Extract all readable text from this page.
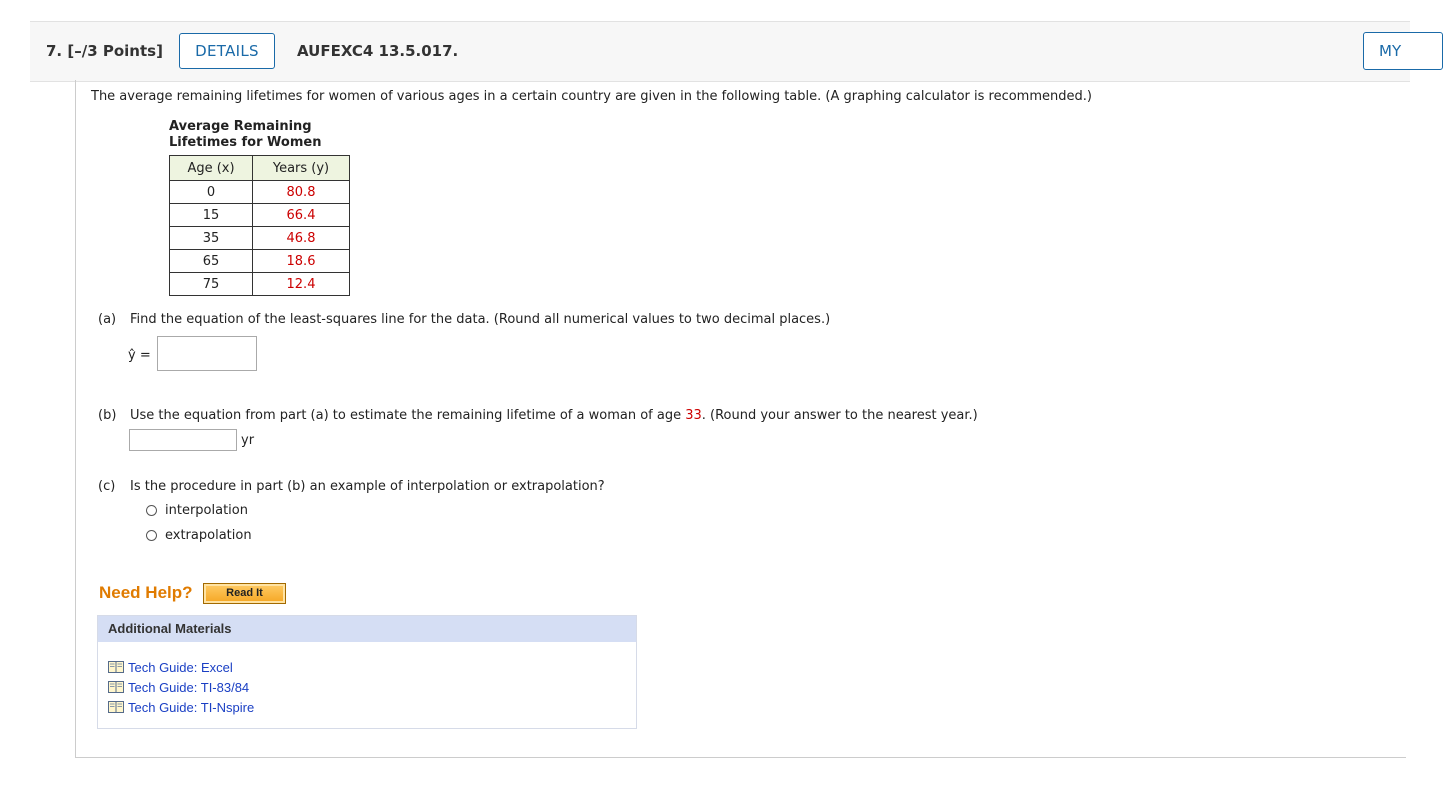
7. [–/3 Points]	DETAILS	AUFEXC4 13.5.017.	MY
The average remaining lifetimes for women of various ages in a certain country are given in the following table. (A graphing calculator is recommended.)
Average Remaining
Lifetimes for Women
Age (x)	Years (y)
0	80.8
15	66.4
35	46.8
65	18.6
75	12.4
(a) Find the equation of the least-squares line for the data. (Round all numerical values to two decimal places.)
ŷ =
(b) Use the equation from part (a) to estimate the remaining lifetime of a woman of age 33. (Round your answer to the nearest year.)
yr
(c) Is the procedure in part (b) an example of interpolation or extrapolation?
interpolation
extrapolation
Need Help?	Read It
Additional Materials
Tech Guide: Excel
Tech Guide: TI-83/84
Tech Guide: TI-Nspire
